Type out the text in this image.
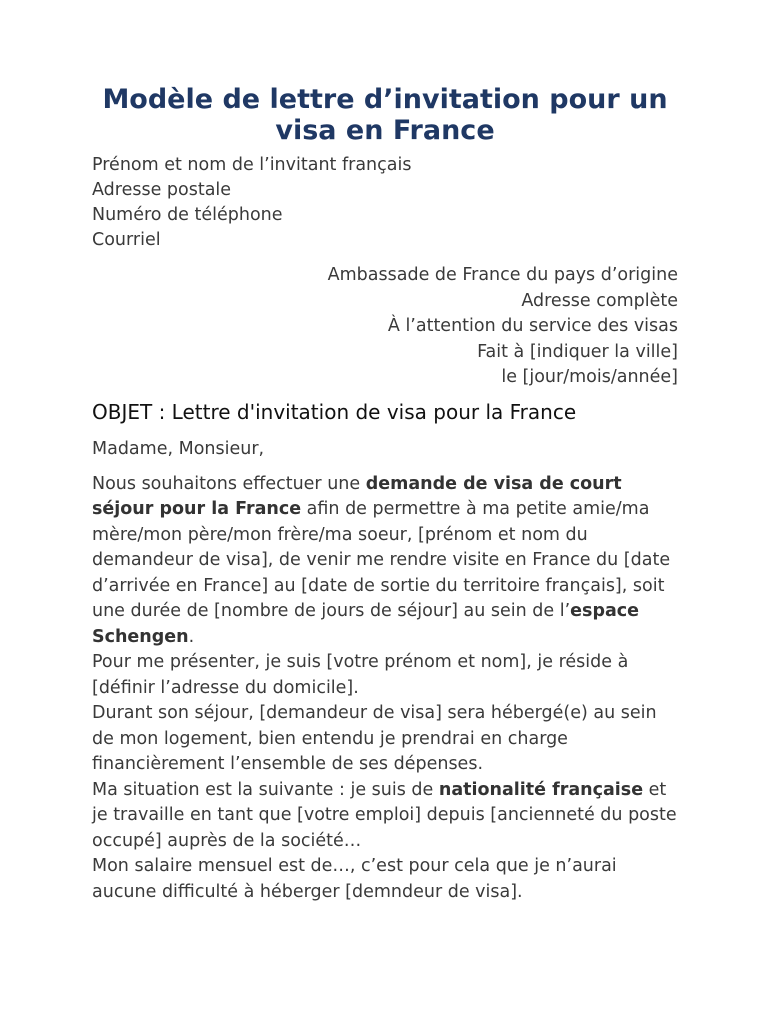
Modèle de lettre d’invitation pour un visa en France
Prénom et nom de l’invitant français
Adresse postale
Numéro de téléphone
Courriel
Ambassade de France du pays d’origine
Adresse complète
À l’attention du service des visas
Fait à [indiquer la ville]
le [jour/mois/année]
OBJET : Lettre d'invitation de visa pour la France
Madame, Monsieur,

Nous souhaitons effectuer une demande de visa de court séjour pour la France afin de permettre à ma petite amie/ma mère/mon père/mon frère/ma soeur, [prénom et nom du demandeur de visa], de venir me rendre visite en France du [date d’arrivée en France] au [date de sortie du territoire français], soit une durée de [nombre de jours de séjour] au sein de l’espace Schengen.

Pour me présenter, je suis [votre prénom et nom], je réside à [définir l’adresse du domicile].

Durant son séjour, [demandeur de visa] sera hébergé(e) au sein de mon logement, bien entendu je prendrai en charge financièrement l’ensemble de ses dépenses.

Ma situation est la suivante : je suis de nationalité française et je travaille en tant que [votre emploi] depuis [ancienneté du poste occupé] auprès de la société…

Mon salaire mensuel est de…, c’est pour cela que je n’aurai aucune difficulté à héberger [demndeur de visa].
